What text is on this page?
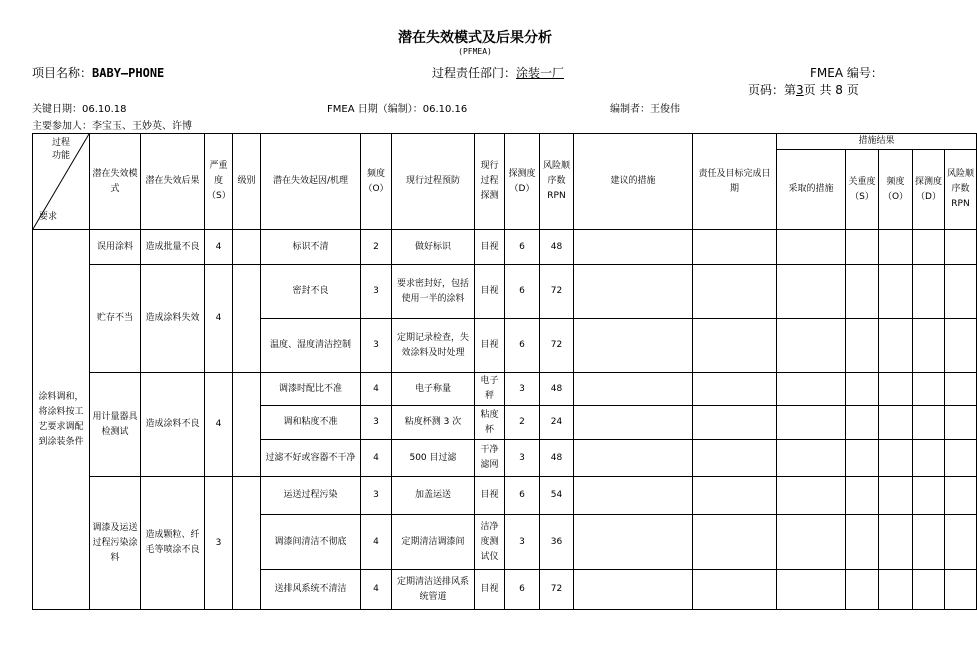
潜在失效模式及后果分析
(PFMEA)
项目名称：BABY—PHONE	过程责任部门：涂装一厂	FMEA 编号：
页码：第3页 共 8 页
关键日期：06.10.18	FMEA 日期（编制）：06.10.16	编制者：王俊伟
主要参加人：李宝玉、王妙英、许博
过程
功能
要求	潜在失效模式	潜在失效后果	严重度（S）	级别	潜在失效起因/机理	频度（O）	现行过程预防	现行过程探测	探测度（D）	风险顺序数RPN	建议的措施	责任及目标完成日期	措施结果				
													采取的措施	关重度（S）	频度（O）	探测度（D）	风险顺序数RPN
涂料调和，将涂料按工艺要求调配到涂装条件	误用涂料	造成批量不良	4		标识不清	2	做好标识	目视	6	48							
	贮存不当	造成涂料失效	4		密封不良	3	要求密封好，包括使用一半的涂料	目视	6	72							
					温度、湿度清洁控制	3	定期记录检查，失效涂料及时处理	目视	6	72							
	用计量器具检测试	造成涂料不良	4		调漆时配比不准	4	电子称量	电子秤	3	48							
					调和粘度不准	3	粘度杯测 3 次	粘度杯	2	24							
					过滤不好或容器不干净	4	500 目过滤	干净滤网	3	48							
	调漆及运送过程污染涂料	造成颗粒、纤毛等喷涂不良	3		运送过程污染	3	加盖运送	目视	6	54							
					调漆间清洁不彻底	4	定期清洁调漆间	洁净度测试仪	3	36							
					送排风系统不清洁	4	定期清洁送排风系统管道	目视	6	72							
